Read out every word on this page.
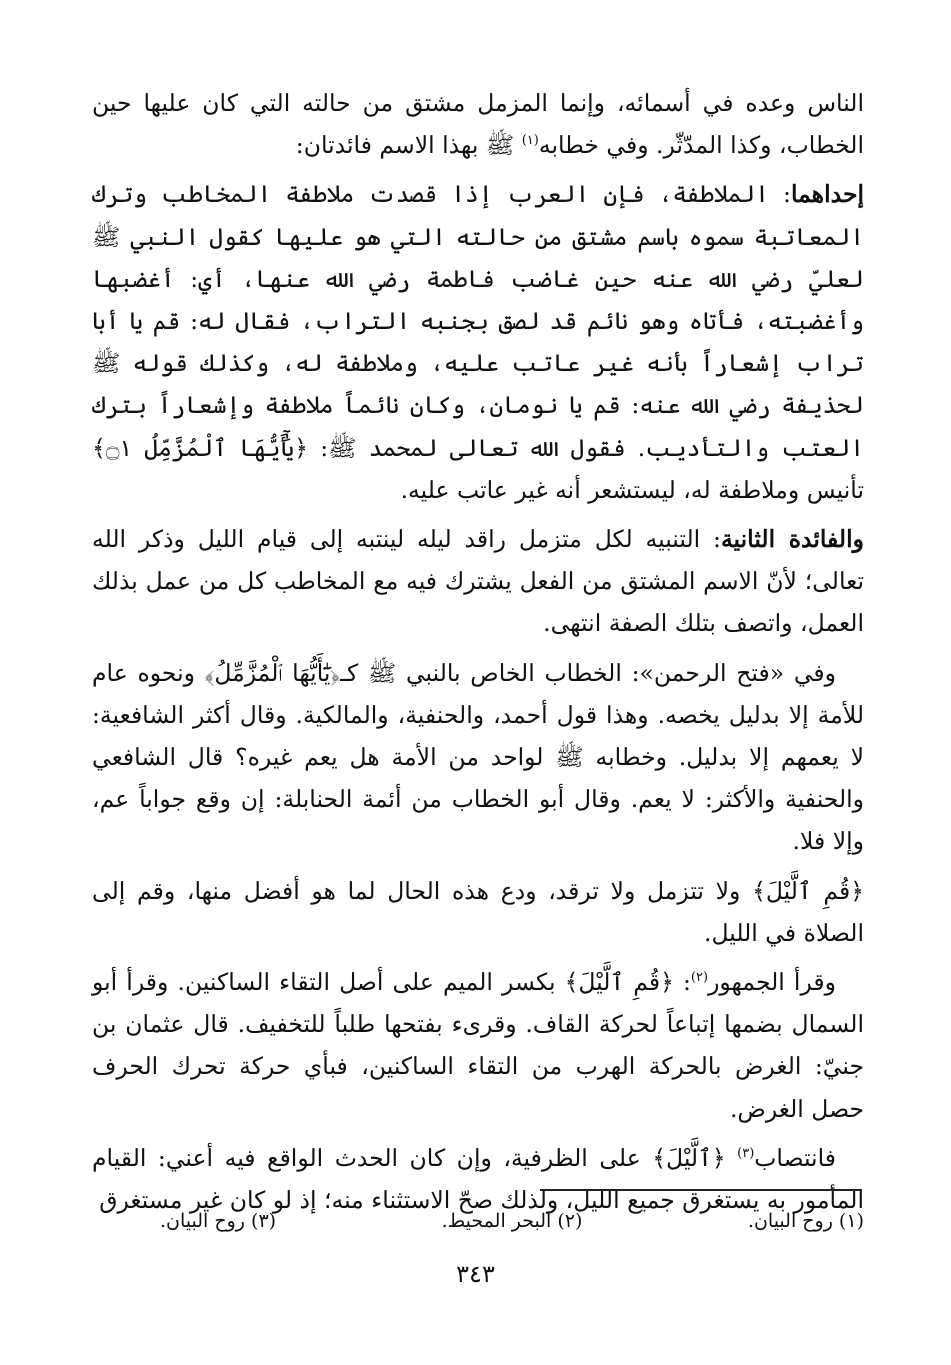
الناس وعده في أسمائه، وإنما المزمل مشتق من حالته التي كان عليها حين الخطاب، وكذا المدّثّر. وفي خطابه$^{(١)}$ ﷺ بهذا الاسم فائدتان:

إحداهما: الملاطفة، فإن العرب إذا قصدت ملاطفة المخاطب وترك المعاتبة سموه باسم مشتق من حالته التي هو عليها كقول النبي ﷺ لعليّ رضي الله عنه حين غاضب فاطمة رضي الله عنها، أي: أغضبها وأغضبته، فأتاه وهو نائم قد لصق بجنبه التراب، فقال له: قم يا أبا تراب إشعاراً بأنه غير عاتب عليه، وملاطفة له، وكذلك قوله ﷺ لحذيفة رضي الله عنه: قم يا نومان، وكان نائماً ملاطفة وإشعاراً بترك العتب والتأديب. فقول الله تعالى لمحمد ﷺ: ﴿يَٰٓأَيُّهَا ٱلْمُزَّمِّلُ ۝١﴾ تأنيس وملاطفة له، ليستشعر أنه غير عاتب عليه.

والفائدة الثانية: التنبيه لكل متزمل راقد ليله لينتبه إلى قيام الليل وذكر الله تعالى؛ لأنّ الاسم المشتق من الفعل يشترك فيه مع المخاطب كل من عمل بذلك العمل، واتصف بتلك الصفة انتهى.

وفي «فتح الرحمن»: الخطاب الخاص بالنبي ﷺ كـ﴿يَٰٓأَيُّهَا ٱلْمُزَّمِّلُ﴾ ونحوه عام للأمة إلا بدليل يخصه. وهذا قول أحمد، والحنفية، والمالكية. وقال أكثر الشافعية: لا يعمهم إلا بدليل. وخطابه ﷺ لواحد من الأمة هل يعم غيره؟ قال الشافعي والحنفية والأكثر: لا يعم. وقال أبو الخطاب من أئمة الحنابلة: إن وقع جواباً عم، وإلا فلا.

﴿قُمِ ٱلَّيْلَ﴾ ولا تتزمل ولا ترقد، ودع هذه الحال لما هو أفضل منها، وقم إلى الصلاة في الليل.

وقرأ الجمهور$^{(٢)}$: ﴿قُمِ ٱلَّيْلَ﴾ بكسر الميم على أصل التقاء الساكنين. وقرأ أبو السمال بضمها إتباعاً لحركة القاف. وقرىء بفتحها طلباً للتخفيف. قال عثمان بن جنيّ: الغرض بالحركة الهرب من التقاء الساكنين، فبأي حركة تحرك الحرف حصل الغرض.

فانتصاب$^{(٣)}$ ﴿ٱلَّيْلَ﴾ على الظرفية، وإن كان الحدث الواقع فيه أعني: القيام المأمور به يستغرق جميع الليل، ولذلك صحّ الاستثناء منه؛ إذ لو كان غير مستغرق

(١) روح البيان.
(٢) البحر المحيط.
(٣) روح البيان.
٣٤٣
